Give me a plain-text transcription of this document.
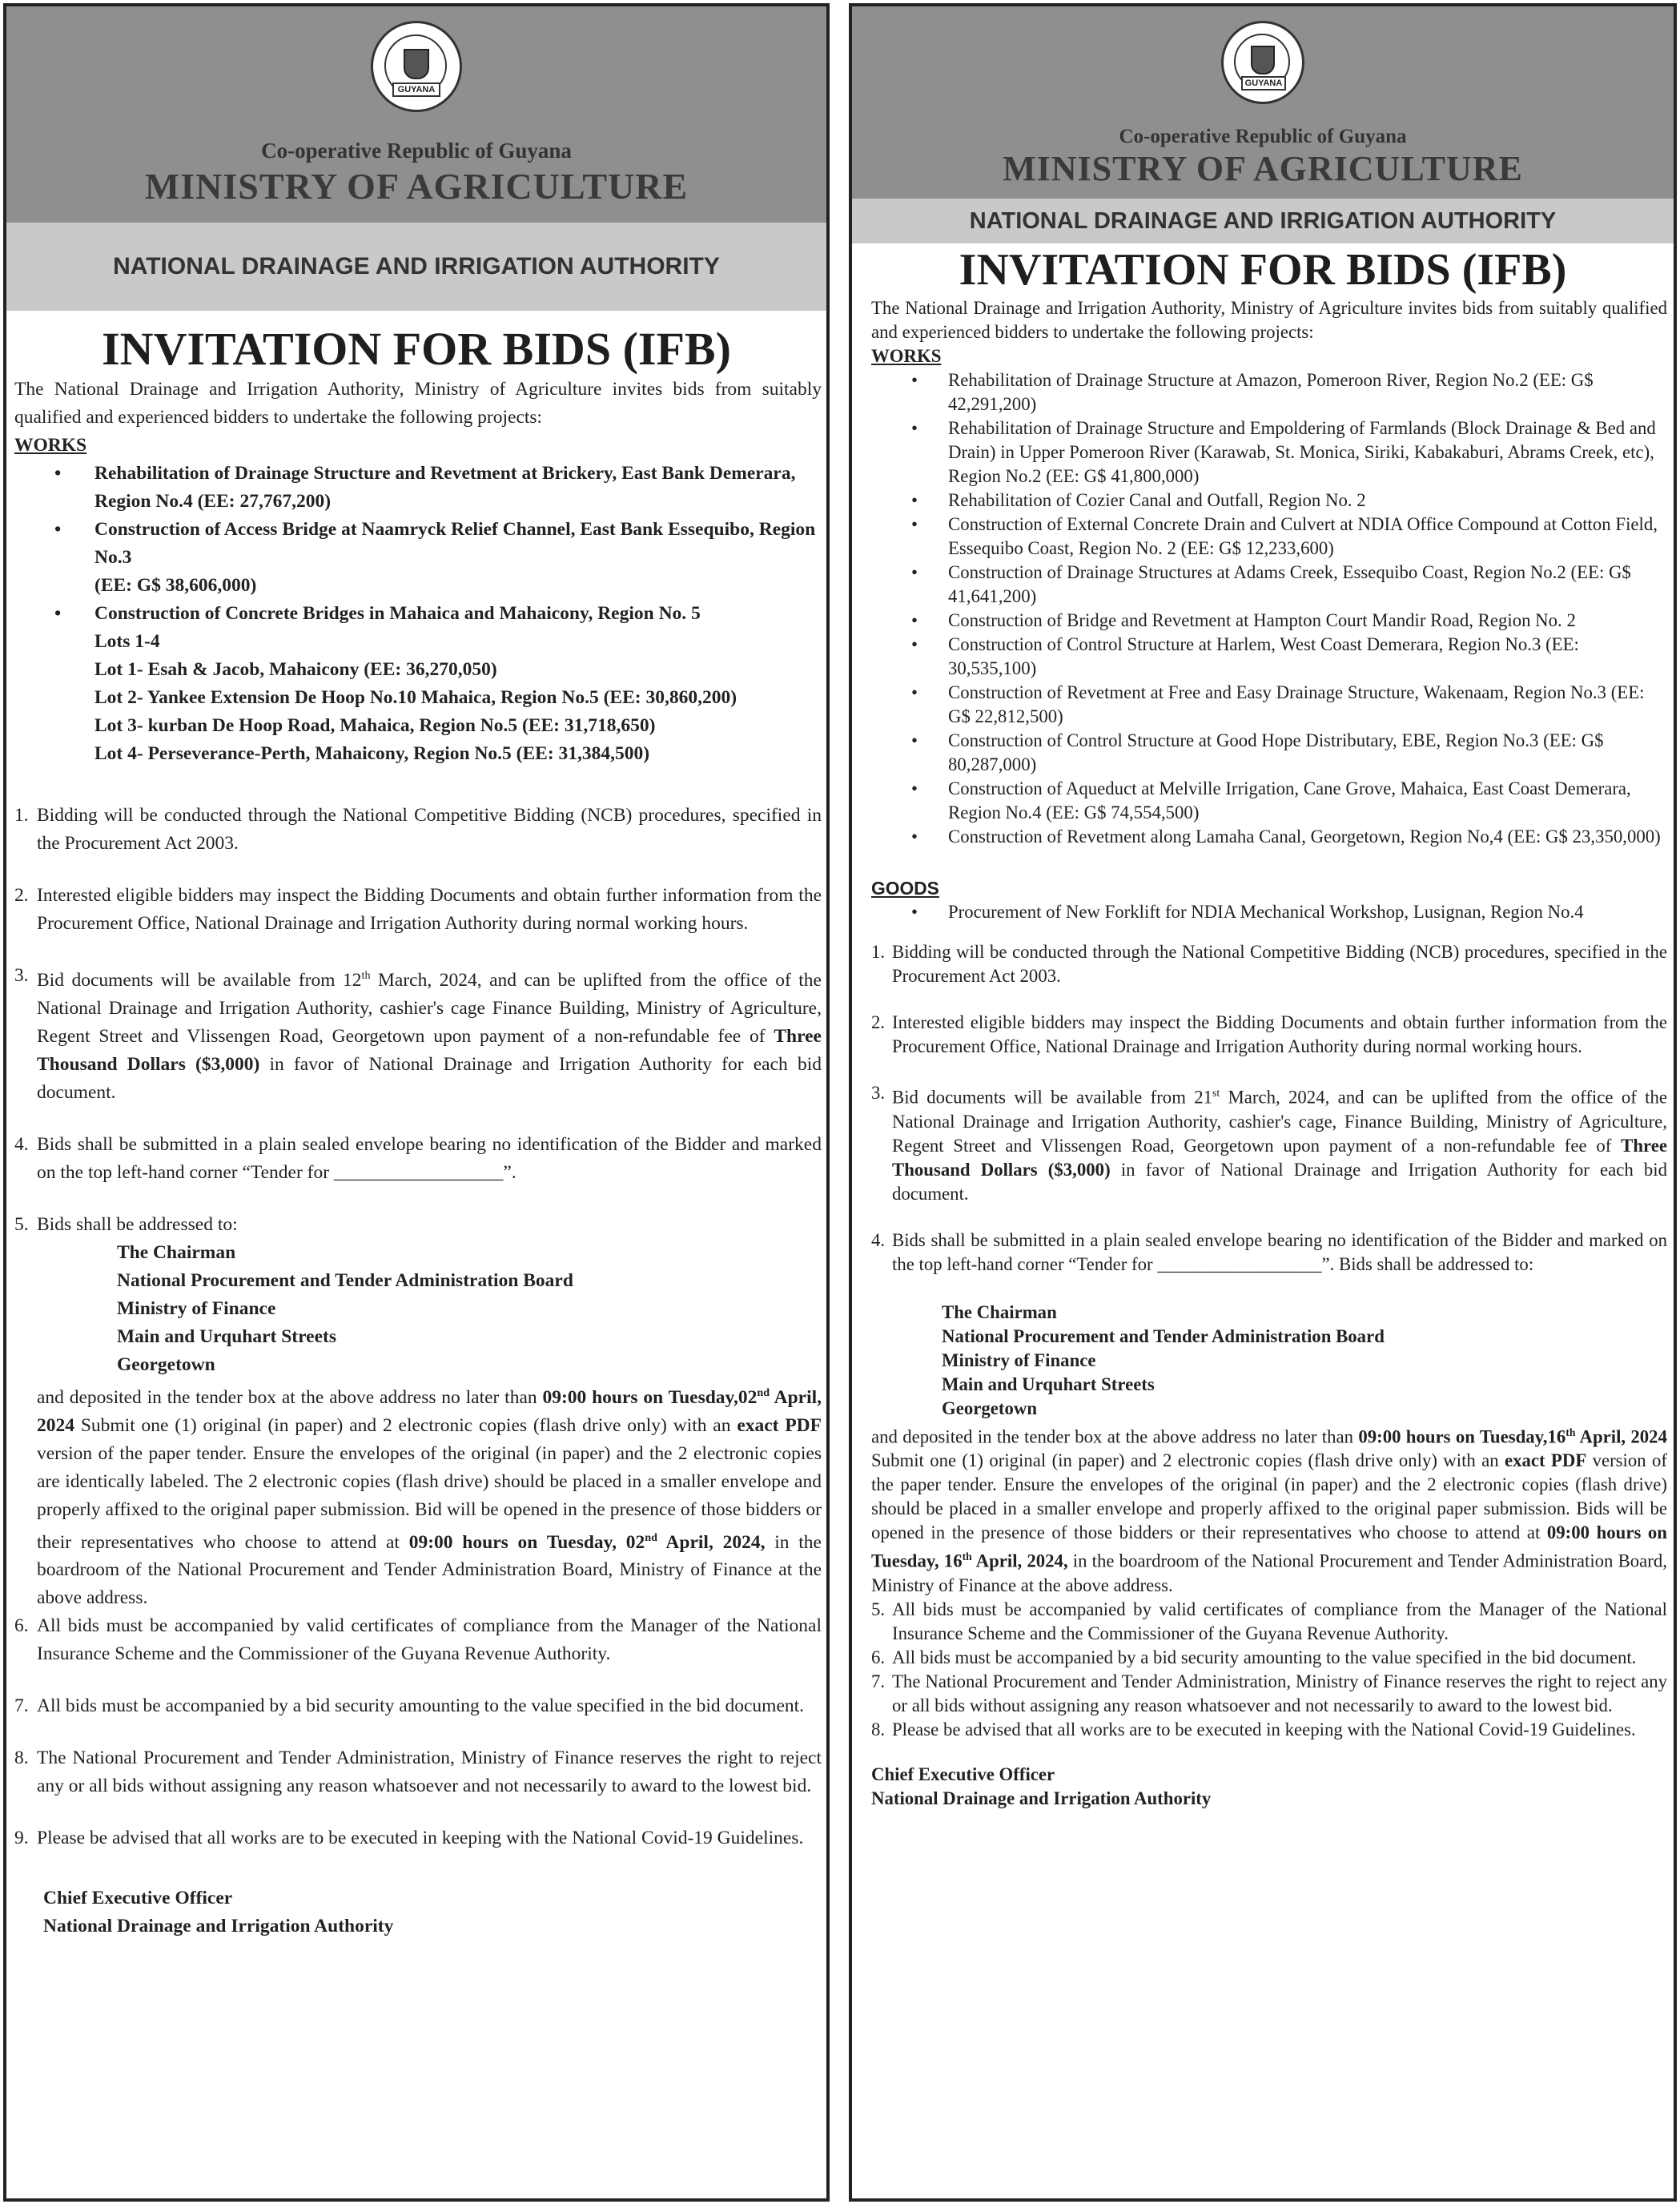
GUYANA
Co-operative Republic of Guyana
MINISTRY OF AGRICULTURE
NATIONAL DRAINAGE AND IRRIGATION AUTHORITY
INVITATION FOR BIDS (IFB)
The National Drainage and Irrigation Authority, Ministry of Agriculture invites bids from suitably qualified and experienced bidders to undertake the following projects:
WORKS
• Rehabilitation of Drainage Structure and Revetment at Brickery, East Bank Demerara, Region No.4 (EE: 27,767,200)
• Construction of Access Bridge at Naamryck Relief Channel, East Bank Essequibo, Region No.3
(EE: G$ 38,606,000)
• Construction of Concrete Bridges in Mahaica and Mahaicony, Region No. 5
Lots 1-4
Lot 1- Esah & Jacob, Mahaicony (EE: 36,270,050)
Lot 2- Yankee Extension De Hoop No.10 Mahaica, Region No.5 (EE: 30,860,200)
Lot 3- kurban De Hoop Road, Mahaica, Region No.5 (EE: 31,718,650)
Lot 4- Perseverance-Perth, Mahaicony, Region No.5 (EE: 31,384,500)
1. Bidding will be conducted through the National Competitive Bidding (NCB) procedures, specified in the Procurement Act 2003.
2. Interested eligible bidders may inspect the Bidding Documents and obtain further information from the Procurement Office, National Drainage and Irrigation Authority during normal working hours.
3. Bid documents will be available from 12th March, 2024, and can be uplifted from the office of the National Drainage and Irrigation Authority, cashier's cage Finance Building, Ministry of Agriculture, Regent Street and Vlissengen Road, Georgetown upon payment of a non-refundable fee of Three Thousand Dollars ($3,000) in favor of National Drainage and Irrigation Authority for each bid document.
4. Bids shall be submitted in a plain sealed envelope bearing no identification of the Bidder and marked on the top left-hand corner “Tender for __________________”.
5. Bids shall be addressed to:
The Chairman
National Procurement and Tender Administration Board
Ministry of Finance
Main and Urquhart Streets
Georgetown
and deposited in the tender box at the above address no later than 09:00 hours on Tuesday,02nd April, 2024 Submit one (1) original (in paper) and 2 electronic copies (flash drive only) with an exact PDF version of the paper tender. Ensure the envelopes of the original (in paper) and the 2 electronic copies are identically labeled. The 2 electronic copies (flash drive) should be placed in a smaller envelope and properly affixed to the original paper submission. Bid will be opened in the presence of those bidders or their representatives who choose to attend at 09:00 hours on Tuesday, 02nd April, 2024, in the boardroom of the National Procurement and Tender Administration Board, Ministry of Finance at the above address.
6. All bids must be accompanied by valid certificates of compliance from the Manager of the National Insurance Scheme and the Commissioner of the Guyana Revenue Authority.
7. All bids must be accompanied by a bid security amounting to the value specified in the bid document.
8. The National Procurement and Tender Administration, Ministry of Finance reserves the right to reject any or all bids without assigning any reason whatsoever and not necessarily to award to the lowest bid.
9. Please be advised that all works are to be executed in keeping with the National Covid-19 Guidelines.
Chief Executive Officer
National Drainage and Irrigation Authority
GUYANA
Co-operative Republic of Guyana
MINISTRY OF AGRICULTURE
NATIONAL DRAINAGE AND IRRIGATION AUTHORITY
INVITATION FOR BIDS (IFB)
The National Drainage and Irrigation Authority, Ministry of Agriculture invites bids from suitably qualified and experienced bidders to undertake the following projects:
WORKS
• Rehabilitation of Drainage Structure at Amazon, Pomeroon River, Region No.2 (EE: G$ 42,291,200)
• Rehabilitation of Drainage Structure and Empoldering of Farmlands (Block Drainage & Bed and Drain) in Upper Pomeroon River (Karawab, St. Monica, Siriki, Kabakaburi, Abrams Creek, etc), Region No.2 (EE: G$ 41,800,000)
• Rehabilitation of Cozier Canal and Outfall, Region No. 2
• Construction of External Concrete Drain and Culvert at NDIA Office Compound at Cotton Field, Essequibo Coast, Region No. 2 (EE: G$ 12,233,600)
• Construction of Drainage Structures at Adams Creek, Essequibo Coast, Region No.2 (EE: G$ 41,641,200)
• Construction of Bridge and Revetment at Hampton Court Mandir Road, Region No. 2
• Construction of Control Structure at Harlem, West Coast Demerara, Region No.3 (EE: 30,535,100)
• Construction of Revetment at Free and Easy Drainage Structure, Wakenaam, Region No.3 (EE: G$ 22,812,500)
• Construction of Control Structure at Good Hope Distributary, EBE, Region No.3 (EE: G$ 80,287,000)
• Construction of Aqueduct at Melville Irrigation, Cane Grove, Mahaica, East Coast Demerara, Region No.4 (EE: G$ 74,554,500)
• Construction of Revetment along Lamaha Canal, Georgetown, Region No,4 (EE: G$ 23,350,000)
GOODS
• Procurement of New Forklift for NDIA Mechanical Workshop, Lusignan, Region No.4
1. Bidding will be conducted through the National Competitive Bidding (NCB) procedures, specified in the Procurement Act 2003.
2. Interested eligible bidders may inspect the Bidding Documents and obtain further information from the Procurement Office, National Drainage and Irrigation Authority during normal working hours.
3. Bid documents will be available from 21st March, 2024, and can be uplifted from the office of the National Drainage and Irrigation Authority, cashier's cage, Finance Building, Ministry of Agriculture, Regent Street and Vlissengen Road, Georgetown upon payment of a non-refundable fee of Three Thousand Dollars ($3,000) in favor of National Drainage and Irrigation Authority for each bid document.
4. Bids shall be submitted in a plain sealed envelope bearing no identification of the Bidder and marked on the top left-hand corner “Tender for __________________”. Bids shall be addressed to:
The Chairman
National Procurement and Tender Administration Board
Ministry of Finance
Main and Urquhart Streets
Georgetown
and deposited in the tender box at the above address no later than 09:00 hours on Tuesday,16th April, 2024 Submit one (1) original (in paper) and 2 electronic copies (flash drive only) with an exact PDF version of the paper tender. Ensure the envelopes of the original (in paper) and the 2 electronic copies (flash drive) should be placed in a smaller envelope and properly affixed to the original paper submission. Bids will be opened in the presence of those bidders or their representatives who choose to attend at 09:00 hours on Tuesday, 16th April, 2024, in the boardroom of the National Procurement and Tender Administration Board, Ministry of Finance at the above address.
5. All bids must be accompanied by valid certificates of compliance from the Manager of the National Insurance Scheme and the Commissioner of the Guyana Revenue Authority.
6. All bids must be accompanied by a bid security amounting to the value specified in the bid document.
7. The National Procurement and Tender Administration, Ministry of Finance reserves the right to reject any or all bids without assigning any reason whatsoever and not necessarily to award to the lowest bid.
8. Please be advised that all works are to be executed in keeping with the National Covid-19 Guidelines.
Chief Executive Officer
National Drainage and Irrigation Authority
